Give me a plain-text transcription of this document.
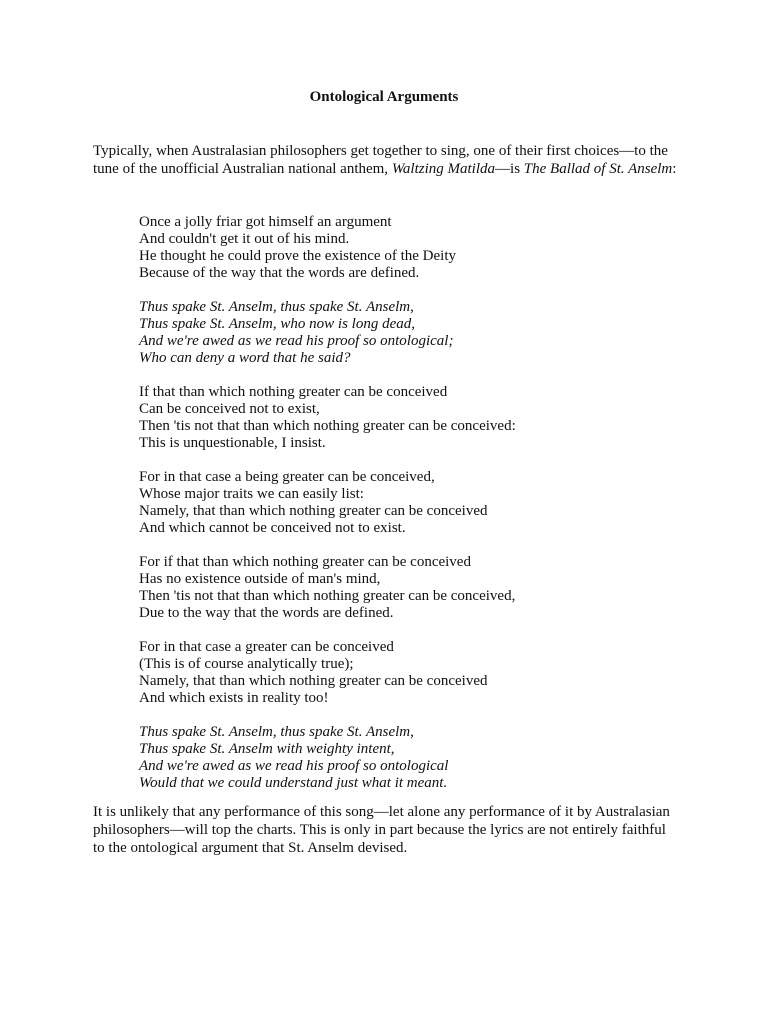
Ontological Arguments

Typically, when Australasian philosophers get together to sing, one of their first choices—to the tune of the unofficial Australian national anthem, Waltzing Matilda—is The Ballad of St. Anselm:

Once a jolly friar got himself an argument
And couldn't get it out of his mind.
He thought he could prove the existence of the Deity
Because of the way that the words are defined.
Thus spake St. Anselm, thus spake St. Anselm,
Thus spake St. Anselm, who now is long dead,
And we're awed as we read his proof so ontological;
Who can deny a word that he said?
If that than which nothing greater can be conceived
Can be conceived not to exist,
Then 'tis not that than which nothing greater can be conceived:
This is unquestionable, I insist.
For in that case a being greater can be conceived,
Whose major traits we can easily list:
Namely, that than which nothing greater can be conceived
And which cannot be conceived not to exist.
For if that than which nothing greater can be conceived
Has no existence outside of man's mind,
Then 'tis not that than which nothing greater can be conceived,
Due to the way that the words are defined.
For in that case a greater can be conceived
(This is of course analytically true);
Namely, that than which nothing greater can be conceived
And which exists in reality too!
Thus spake St. Anselm, thus spake St. Anselm,
Thus spake St. Anselm with weighty intent,
And we're awed as we read his proof so ontological
Would that we could understand just what it meant.

It is unlikely that any performance of this song—let alone any performance of it by Australasian philosophers—will top the charts. This is only in part because the lyrics are not entirely faithful to the ontological argument that St. Anselm devised.
